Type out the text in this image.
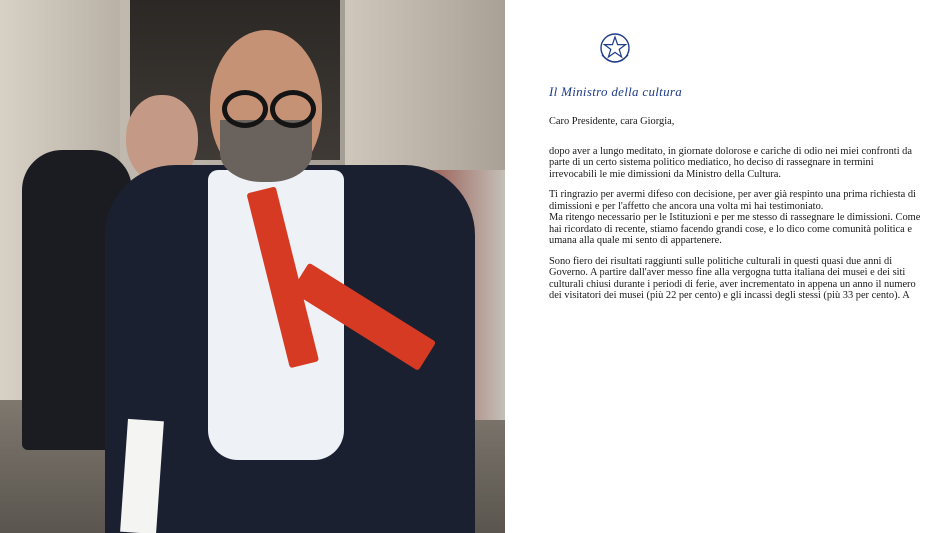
Il Ministro della cultura

Caro Presidente, cara Giorgia,

dopo aver a lungo meditato, in giornate dolorose e cariche di odio nei miei confronti da

parte di un certo sistema politico mediatico, ho deciso di rassegnare in termini

irrevocabili le mie dimissioni da Ministro della Cultura.

Ti ringrazio per avermi difeso con decisione, per aver già respinto una prima richiesta di

dimissioni e per l'affetto che ancora una volta mi hai testimoniato.

Ma ritengo necessario per le Istituzioni e per me stesso di rassegnare le dimissioni. Come

hai ricordato di recente, stiamo facendo grandi cose, e lo dico come comunità politica e

umana alla quale mi sento di appartenere.

Sono fiero dei risultati raggiunti sulle politiche culturali in questi quasi due anni di

Governo. A partire dall'aver messo fine alla vergogna tutta italiana dei musei e dei siti

culturali chiusi durante i periodi di ferie, aver incrementato in appena un anno il numero

dei visitatori dei musei (più 22 per cento) e gli incassi degli stessi (più 33 per cento). A
